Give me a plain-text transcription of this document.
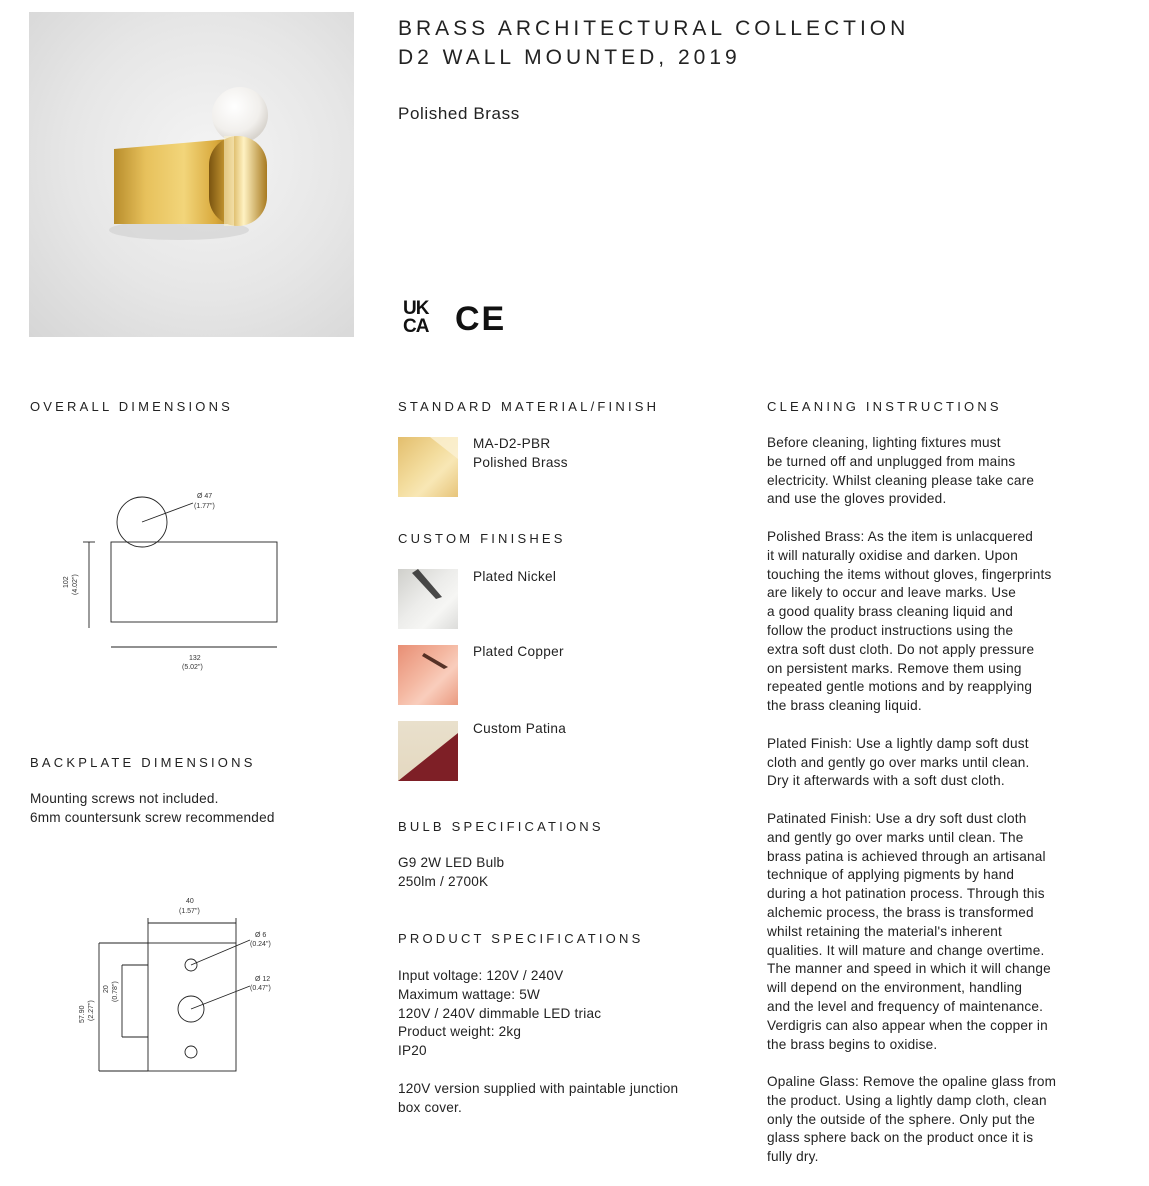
BRASS ARCHITECTURAL COLLECTION
D2 WALL MOUNTED, 2019
Polished Brass
UK
CA CE
OVERALL DIMENSIONS
Ø 47
(1.77")
102 (4.02")
132
(5.02")
BACKPLATE DIMENSIONS
Mounting screws not included.
6mm countersunk screw recommended
40
(1.57")
Ø 6
(0.24")
Ø 12
(0.47")
20 (0.78")
57.90 (2.27")
STANDARD MATERIAL/FINISH
MA-D2-PBR
Polished Brass
CUSTOM FINISHES
Plated Nickel
Plated Copper
Custom Patina
BULB SPECIFICATIONS
G9 2W LED Bulb
250lm / 2700K
PRODUCT SPECIFICATIONS
Input voltage: 120V / 240V
Maximum wattage: 5W
120V / 240V dimmable LED triac
Product weight: 2kg
IP20
120V version supplied with paintable junction
box cover.
CLEANING INSTRUCTIONS

Before cleaning, lighting fixtures must
be turned off and unplugged from mains
electricity. Whilst cleaning please take care
and use the gloves provided.

Polished Brass: As the item is unlacquered
it will naturally oxidise and darken. Upon
touching the items without gloves, fingerprints
are likely to occur and leave marks. Use
a good quality brass cleaning liquid and
follow the product instructions using the
extra soft dust cloth. Do not apply pressure
on persistent marks. Remove them using
repeated gentle motions and by reapplying
the brass cleaning liquid.

Plated Finish: Use a lightly damp soft dust
cloth and gently go over marks until clean.
Dry it afterwards with a soft dust cloth.

Patinated Finish: Use a dry soft dust cloth
and gently go over marks until clean. The
brass patina is achieved through an artisanal
technique of applying pigments by hand
during a hot patination process. Through this
alchemic process, the brass is transformed
whilst retaining the material's inherent
qualities. It will mature and change overtime.
The manner and speed in which it will change
will depend on the environment, handling
and the level and frequency of maintenance.
Verdigris can also appear when the copper in
the brass begins to oxidise.

Opaline Glass: Remove the opaline glass from
the product. Using a lightly damp cloth, clean
only the outside of the sphere. Only put the
glass sphere back on the product once it is
fully dry.
